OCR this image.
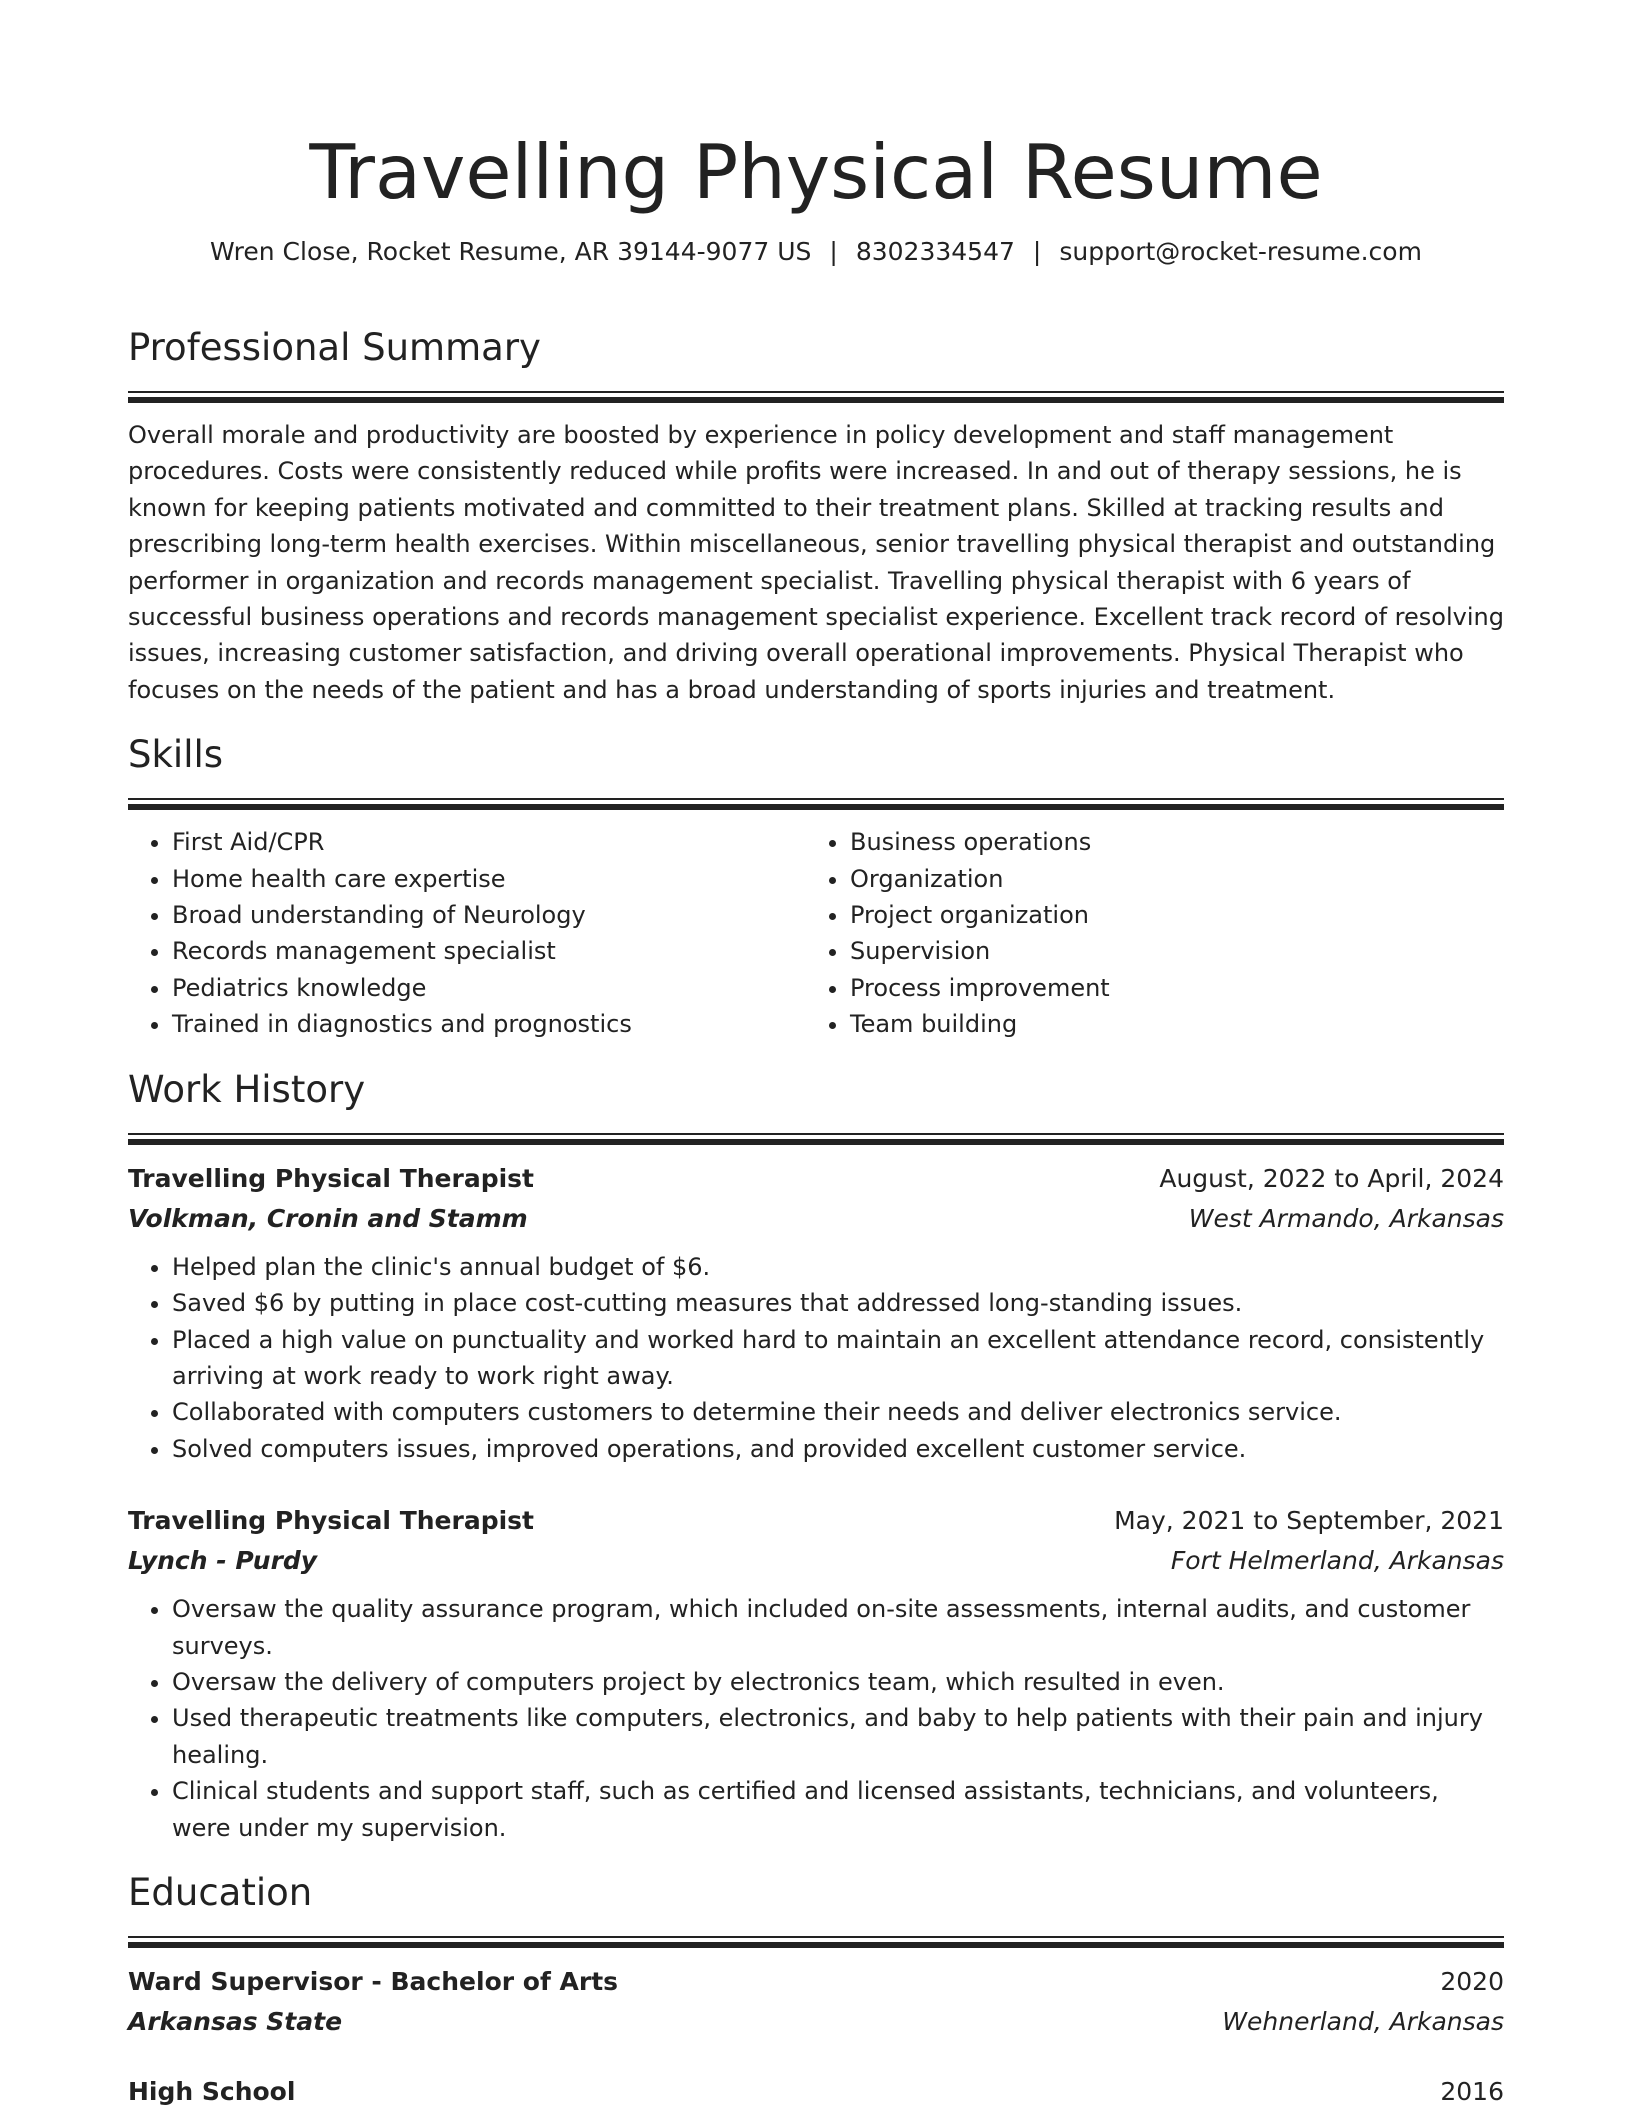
Travelling Physical Resume
Wren Close, Rocket Resume, AR 39144-9077 US | 8302334547 | support@rocket-resume.com
Professional Summary

Overall morale and productivity are boosted by experience in policy development and staff management procedures. Costs were consistently reduced while profits were increased. In and out of therapy sessions, he is known for keeping patients motivated and committed to their treatment plans. Skilled at tracking results and prescribing long-term health exercises. Within miscellaneous, senior travelling physical therapist and outstanding performer in organization and records management specialist. Travelling physical therapist with 6 years of successful business operations and records management specialist experience. Excellent track record of resolving issues, increasing customer satisfaction, and driving overall operational improvements. Physical Therapist who focuses on the needs of the patient and has a broad understanding of sports injuries and treatment.

Skills
• First Aid/CPR
• Home health care expertise
• Broad understanding of Neurology
• Records management specialist
• Pediatrics knowledge
• Trained in diagnostics and prognostics
• Business operations
• Organization
• Project organization
• Supervision
• Process improvement
• Team building
Work History
Travelling Physical Therapist	August, 2022 to April, 2024
Volkman, Cronin and Stamm	West Armando, Arkansas
• Helped plan the clinic's annual budget of $6.
• Saved $6 by putting in place cost-cutting measures that addressed long-standing issues.
• Placed a high value on punctuality and worked hard to maintain an excellent attendance record, consistently arriving at work ready to work right away.
• Collaborated with computers customers to determine their needs and deliver electronics service.
• Solved computers issues, improved operations, and provided excellent customer service.
Travelling Physical Therapist	May, 2021 to September, 2021
Lynch - Purdy	Fort Helmerland, Arkansas
• Oversaw the quality assurance program, which included on-site assessments, internal audits, and customer surveys.
• Oversaw the delivery of computers project by electronics team, which resulted in even.
• Used therapeutic treatments like computers, electronics, and baby to help patients with their pain and injury healing.
• Clinical students and support staff, such as certified and licensed assistants, technicians, and volunteers, were under my supervision.
Education
Ward Supervisor - Bachelor of Arts	2020
Arkansas State	Wehnerland, Arkansas
High School	2016
